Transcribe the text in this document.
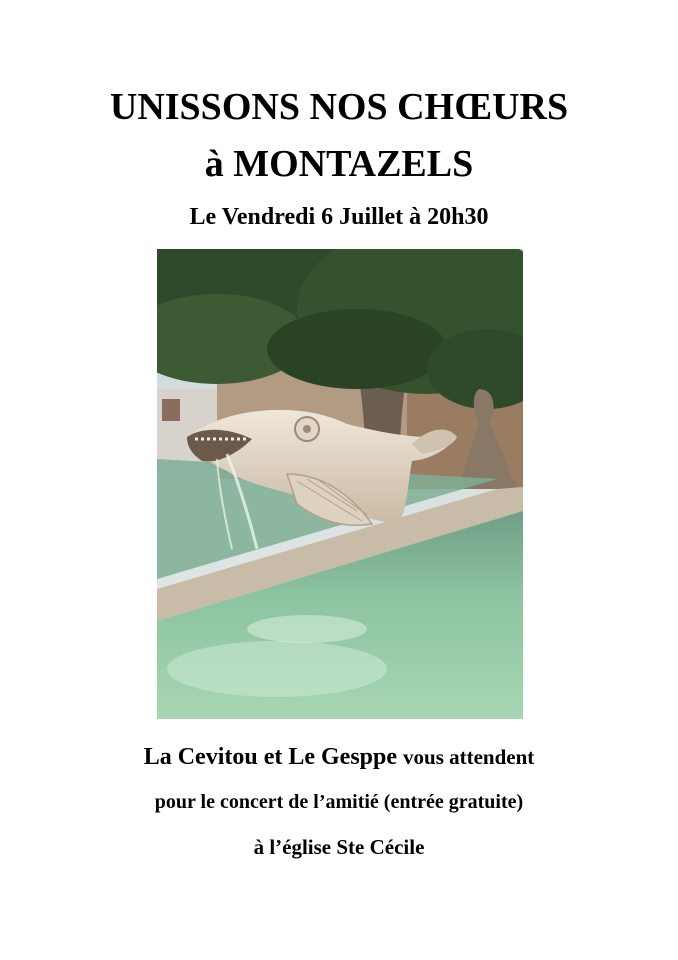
UNISSONS NOS CHŒURS
à MONTAZELS
Le Vendredi 6 Juillet à 20h30
La Cevitou et Le Gesppe vous attendent
pour le concert de l’amitié (entrée gratuite)
à l’église Ste Cécile
